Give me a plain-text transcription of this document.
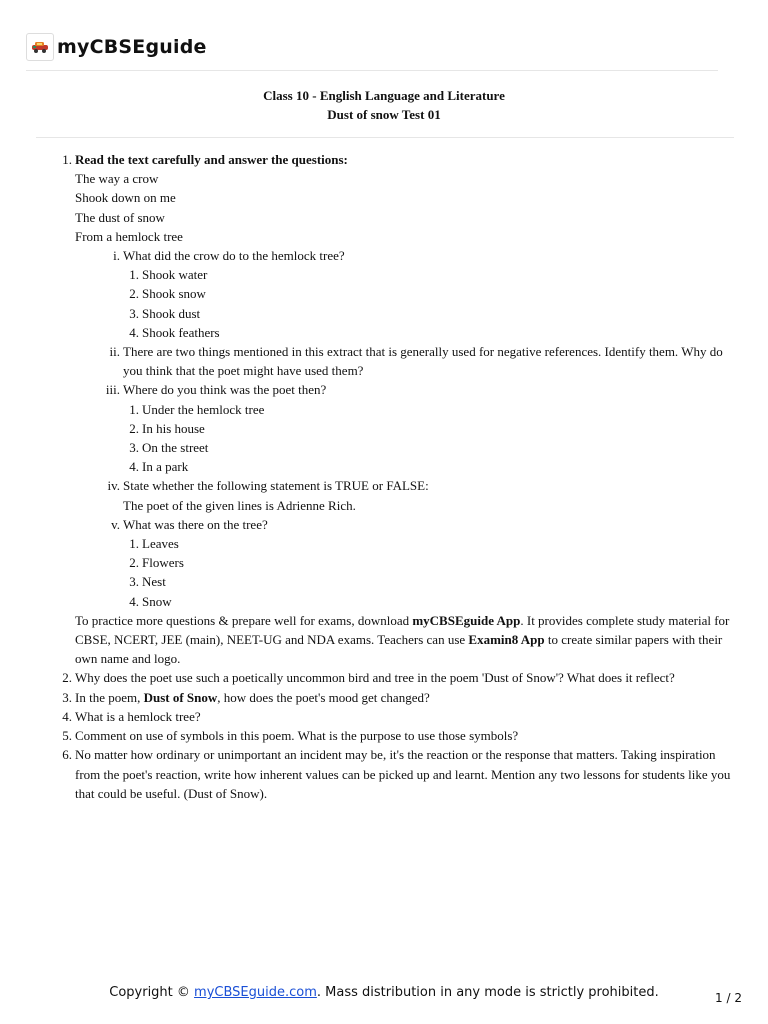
myCBSEguide
Class 10 - English Language and Literature
Dust of snow Test 01
1. Read the text carefully and answer the questions:
The way a crow
Shook down on me
The dust of snow
From a hemlock tree
i. What did the crow do to the hemlock tree?
1. Shook water
2. Shook snow
3. Shook dust
4. Shook feathers
ii. There are two things mentioned in this extract that is generally used for negative references. Identify them. Why do you think that the poet might have used them?
iii. Where do you think was the poet then?
1. Under the hemlock tree
2. In his house
3. On the street
4. In a park
iv. State whether the following statement is TRUE or FALSE:
The poet of the given lines is Adrienne Rich.
v. What was there on the tree?
1. Leaves
2. Flowers
3. Nest
4. Snow
To practice more questions & prepare well for exams, download myCBSEguide App. It provides complete study material for CBSE, NCERT, JEE (main), NEET-UG and NDA exams. Teachers can use Examin8 App to create similar papers with their own name and logo.
2. Why does the poet use such a poetically uncommon bird and tree in the poem 'Dust of Snow'? What does it reflect?
3. In the poem, Dust of Snow, how does the poet's mood get changed?
4. What is a hemlock tree?
5. Comment on use of symbols in this poem. What is the purpose to use those symbols?
6. No matter how ordinary or unimportant an incident may be, it's the reaction or the response that matters. Taking inspiration from the poet's reaction, write how inherent values can be picked up and learnt. Mention any two lessons for students like you that could be useful. (Dust of Snow).
Copyright © myCBSEguide.com. Mass distribution in any mode is strictly prohibited.	1 / 2
